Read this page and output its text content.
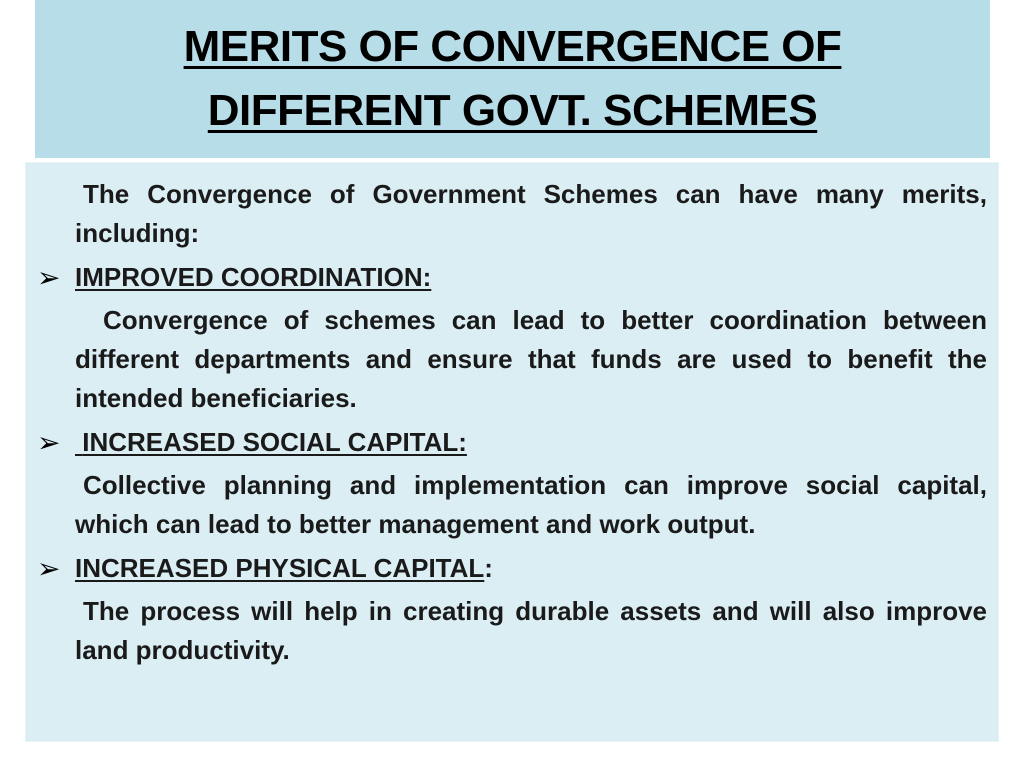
MERITS OF CONVERGENCE OF
DIFFERENT GOVT. SCHEMES

The Convergence of Government Schemes can have many merits, including:

➢ IMPROVED COORDINATION:

Convergence of schemes can lead to better coordination between different departments and ensure that funds are used to benefit the intended beneficiaries.

➢ INCREASED SOCIAL CAPITAL:

Collective planning and implementation can improve social capital, which can lead to better management and work output.

➢ INCREASED PHYSICAL CAPITAL:

The process will help in creating durable assets and will also improve land productivity.
